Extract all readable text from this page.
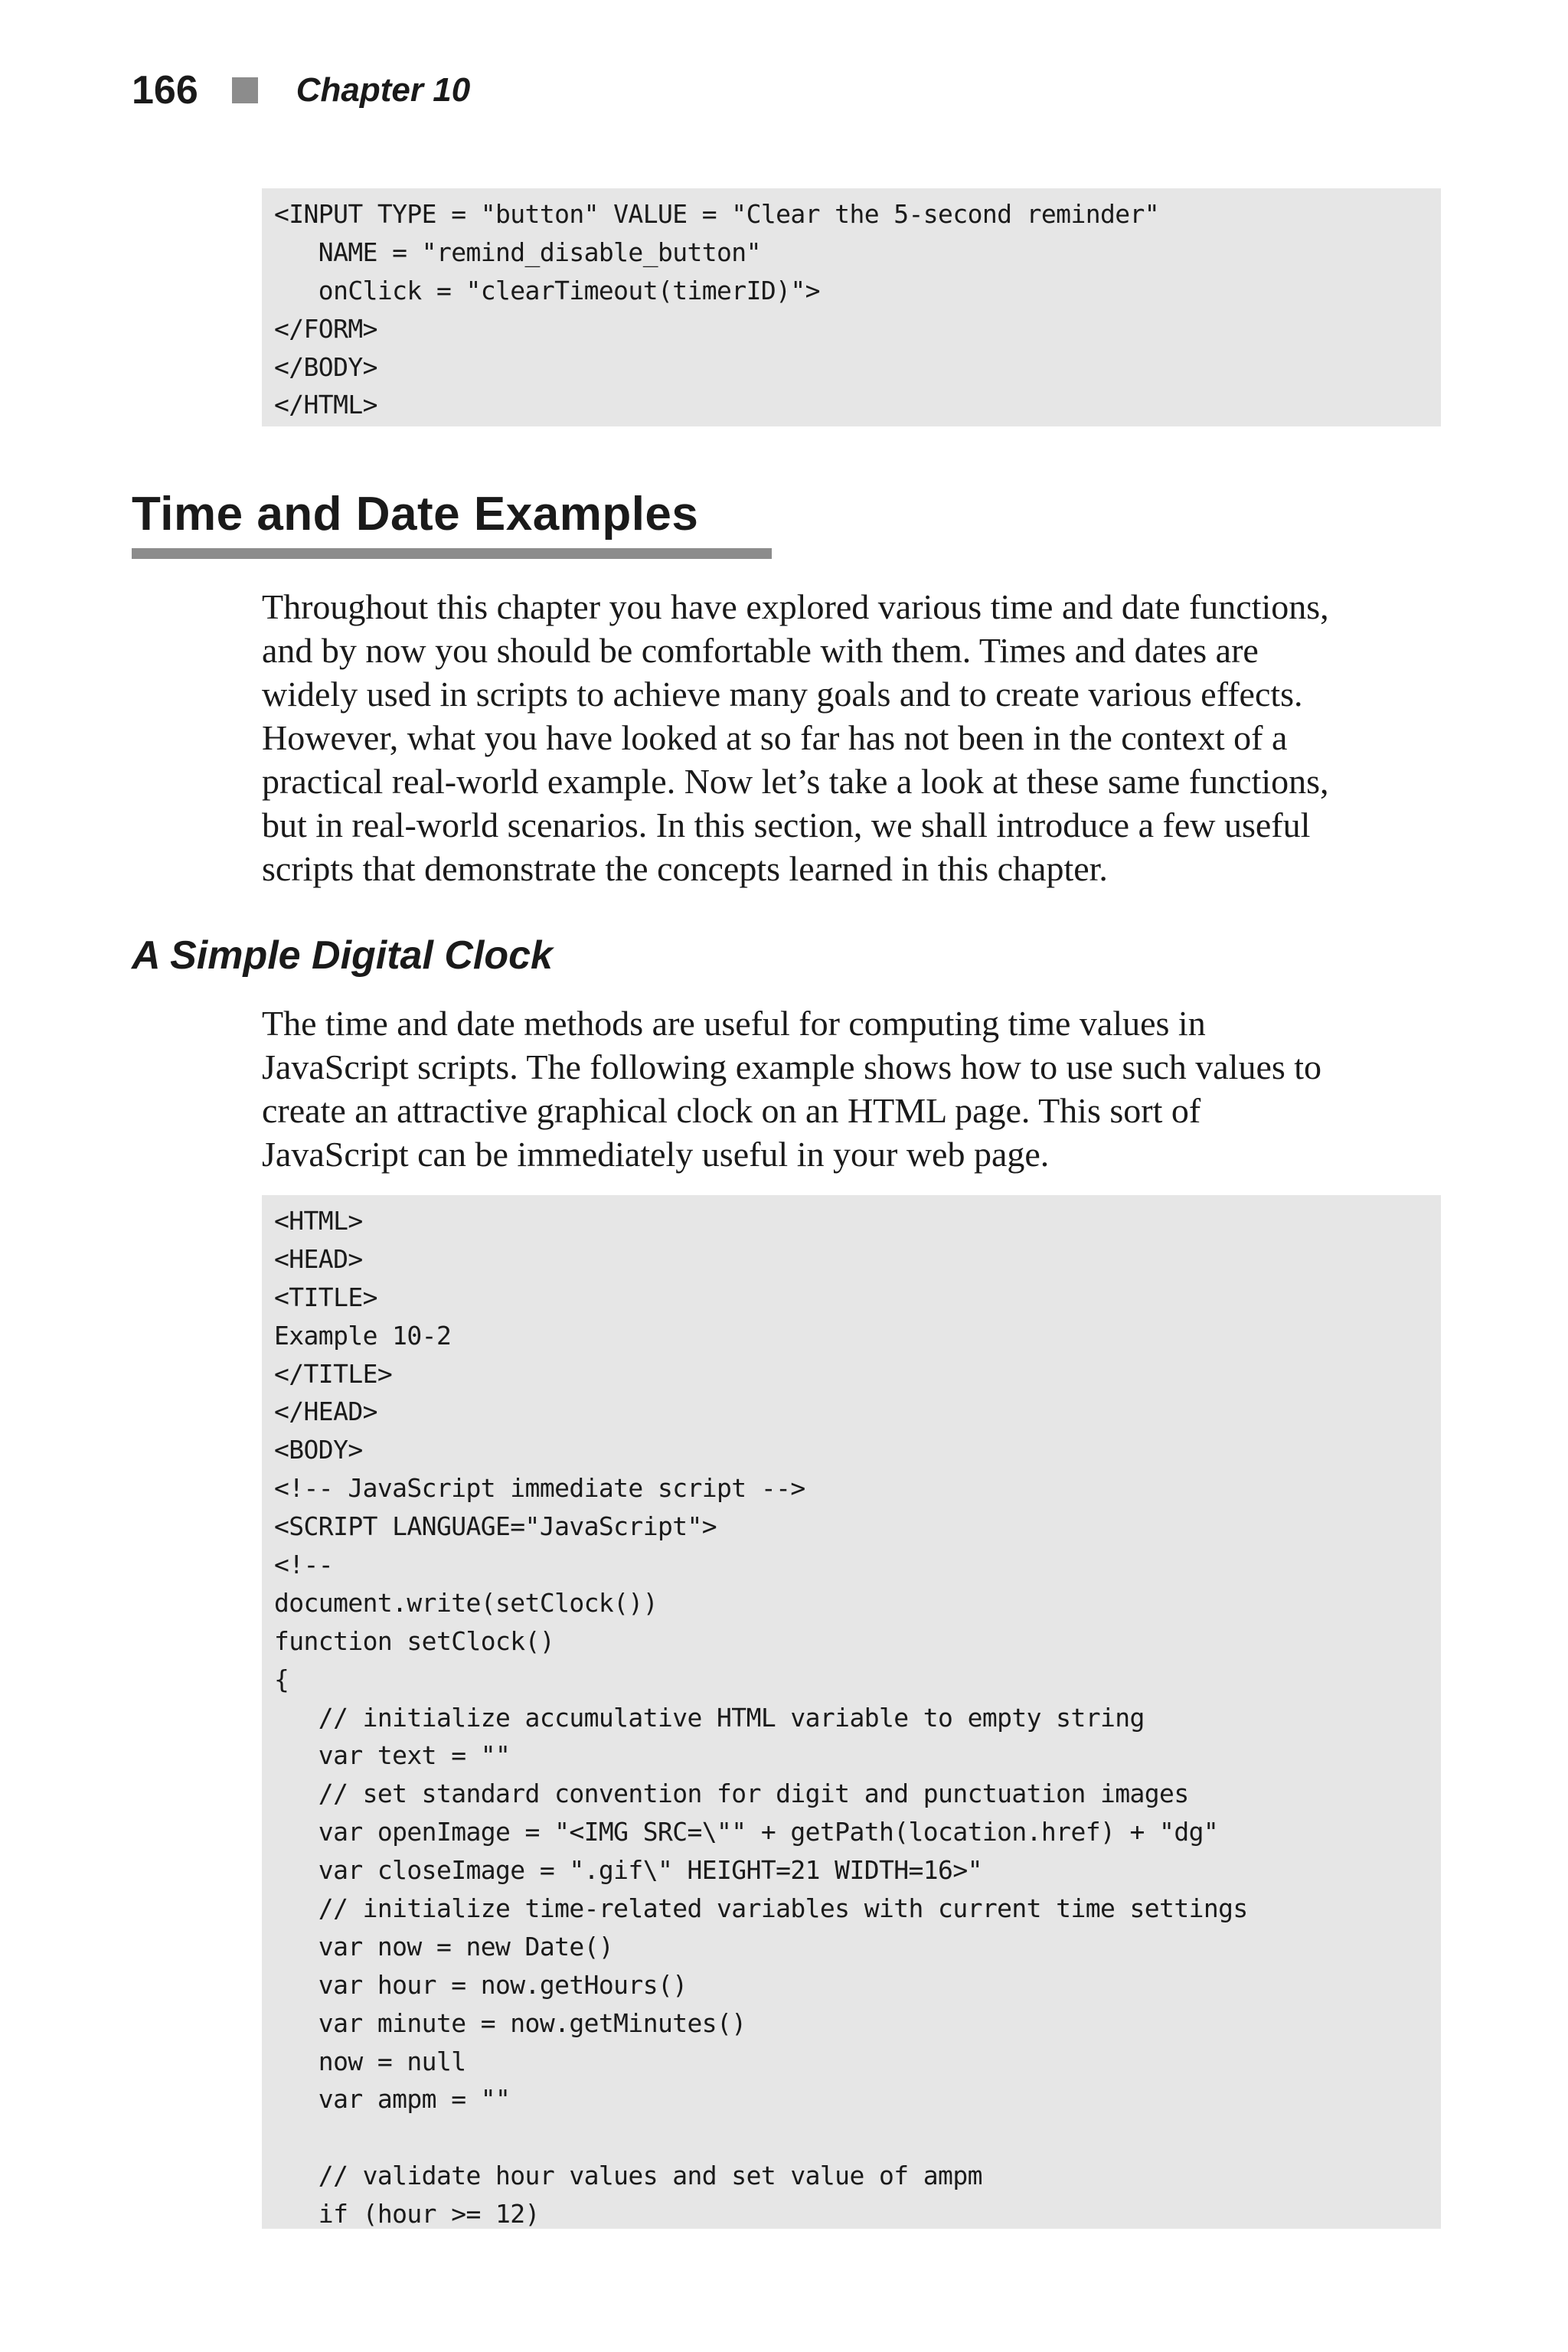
166	Chapter 10
<INPUT TYPE = "button" VALUE = "Clear the 5-second reminder"
NAME = "remind_disable_button"
onClick = "clearTimeout(timerID)">
</FORM>
</BODY>
</HTML>
Time and Date Examples
Throughout this chapter you have explored various time and date functions,
and by now you should be comfortable with them. Times and dates are
widely used in scripts to achieve many goals and to create various effects.
However, what you have looked at so far has not been in the context of a
practical real-world example. Now let’s take a look at these same functions,
but in real-world scenarios. In this section, we shall introduce a few useful
scripts that demonstrate the concepts learned in this chapter.
A Simple Digital Clock
The time and date methods are useful for computing time values in
JavaScript scripts. The following example shows how to use such values to
create an attractive graphical clock on an HTML page. This sort of
JavaScript can be immediately useful in your web page.
<HTML>
<HEAD>
<TITLE>
Example 10-2
</TITLE>
</HEAD>
<BODY>
<!-- JavaScript immediate script -->
<SCRIPT LANGUAGE="JavaScript">
<!--
document.write(setClock())
function setClock()
{
// initialize accumulative HTML variable to empty string
var text = ""
// set standard convention for digit and punctuation images
var openImage = "<IMG SRC=\"" + getPath(location.href) + "dg"
var closeImage = ".gif\" HEIGHT=21 WIDTH=16>"
// initialize time-related variables with current time settings
var now = new Date()
var hour = now.getHours()
var minute = now.getMinutes()
now = null
var ampm = ""
// validate hour values and set value of ampm
if (hour >= 12)
